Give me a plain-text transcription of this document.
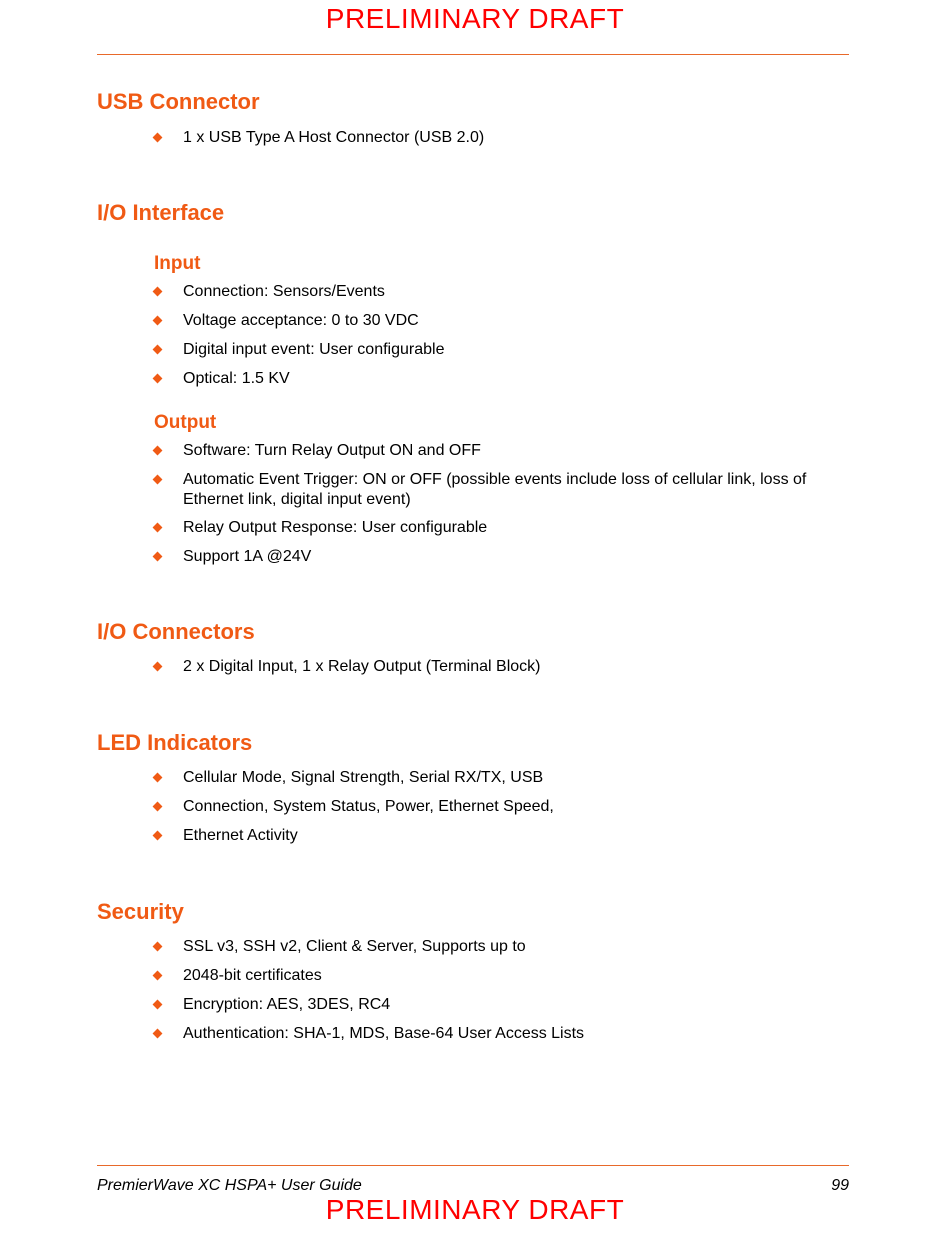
PRELIMINARY DRAFT
USB Connector
1 x USB Type A Host Connector (USB 2.0)
I/O Interface
Input
Connection: Sensors/Events
Voltage acceptance: 0 to 30 VDC
Digital input event: User configurable
Optical: 1.5 KV
Output
Software: Turn Relay Output ON and OFF
Automatic Event Trigger: ON or OFF (possible events include loss of cellular link, loss of Ethernet link, digital input event)
Relay Output Response: User configurable
Support 1A @24V
I/O Connectors
2 x Digital Input, 1 x Relay Output (Terminal Block)
LED Indicators
Cellular Mode, Signal Strength, Serial RX/TX, USB
Connection, System Status, Power, Ethernet Speed,
Ethernet Activity
Security
SSL v3, SSH v2, Client & Server, Supports up to
2048-bit certificates
Encryption: AES, 3DES, RC4
Authentication: SHA-1, MDS, Base-64 User Access Lists
PremierWave XC HSPA+ User Guide	99
PRELIMINARY DRAFT
